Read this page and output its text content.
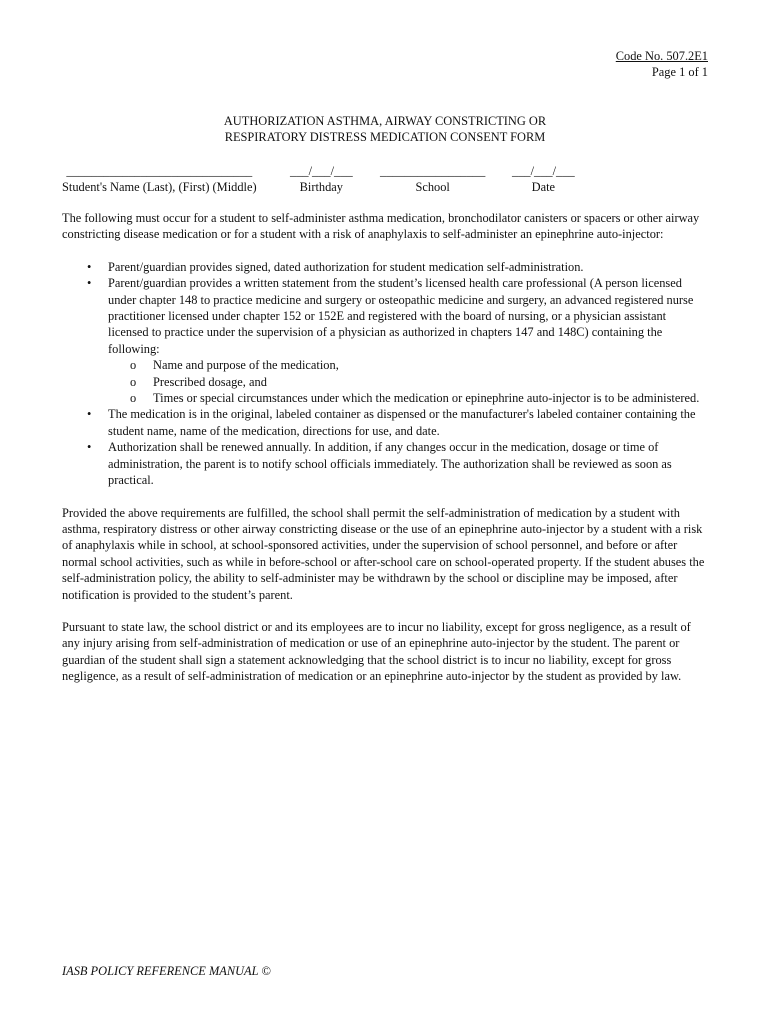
Code No. 507.2E1
Page 1 of 1
AUTHORIZATION ASTHMA, AIRWAY CONSTRICTING OR
RESPIRATORY DISTRESS MEDICATION CONSENT FORM
______________________________
Student's Name (Last), (First) (Middle)
___/___/___
Birthday
_________________
School
___/___/___
Date

The following must occur for a student to self-administer asthma medication, bronchodilator canisters or spacers or other airway constricting disease medication or for a student with a risk of anaphylaxis to self-administer an epinephrine auto-injector:

• Parent/guardian provides signed, dated authorization for student medication self-administration.
• Parent/guardian provides a written statement from the student’s licensed health care professional (A person licensed under chapter 148 to practice medicine and surgery or osteopathic medicine and surgery, an advanced registered nurse practitioner licensed under chapter 152 or 152E and registered with the board of nursing, or a physician assistant licensed to practice under the supervision of a physician as authorized in chapters 147 and 148C) containing the following:
o Name and purpose of the medication,
o Prescribed dosage, and
o Times or special circumstances under which the medication or epinephrine auto-injector is to be administered.
• The medication is in the original, labeled container as dispensed or the manufacturer's labeled container containing the student name, name of the medication, directions for use, and date.
• Authorization shall be renewed annually. In addition, if any changes occur in the medication, dosage or time of administration, the parent is to notify school officials immediately. The authorization shall be reviewed as soon as practical.

Provided the above requirements are fulfilled, the school shall permit the self-administration of medication by a student with asthma, respiratory distress or other airway constricting disease or the use of an epinephrine auto-injector by a student with a risk of anaphylaxis while in school, at school-sponsored activities, under the supervision of school personnel, and before or after normal school activities, such as while in before-school or after-school care on school-operated property. If the student abuses the self-administration policy, the ability to self-administer may be withdrawn by the school or discipline may be imposed, after notification is provided to the student’s parent.

Pursuant to state law, the school district or and its employees are to incur no liability, except for gross negligence, as a result of any injury arising from self-administration of medication or use of an epinephrine auto-injector by the student. The parent or guardian of the student shall sign a statement acknowledging that the school district is to incur no liability, except for gross negligence, as a result of self-administration of medication or an epinephrine auto-injector by the student as provided by law.

IASB POLICY REFERENCE MANUAL ©
